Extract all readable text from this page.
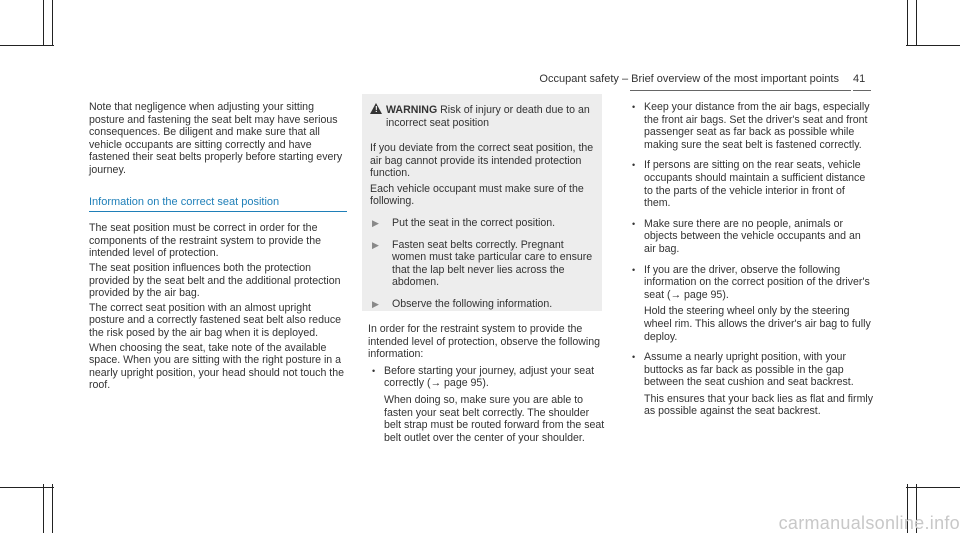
Occupant safety – Brief overview of the most important points 41

Note that negligence when adjusting your sitting posture and fastening the seat belt may have serious consequences. Be diligent and make sure that all vehicle occupants are sitting correctly and have fastened their seat belts properly before starting every journey.

Information on the correct seat position

The seat position must be correct in order for the components of the restraint system to provide the intended level of protection.

The seat position influences both the protection provided by the seat belt and the additional protection provided by the air bag.

The correct seat position with an almost upright posture and a correctly fastened seat belt also reduce the risk posed by the air bag when it is deployed.

When choosing the seat, take note of the available space. When you are sitting with the right posture in a nearly upright position, your head should not touch the roof.

! WARNING Risk of injury or death due to an incorrect seat position

If you deviate from the correct seat position, the air bag cannot provide its intended protection function.

Each vehicle occupant must make sure of the following.

▶	Put the seat in the correct position.
▶	Fasten seat belts correctly. Pregnant women must take particular care to ensure that the lap belt never lies across the abdomen.
▶	Observe the following information.

In order for the restraint system to provide the intended level of protection, observe the following information:

• Before starting your journey, adjust your seat correctly (→ page 95).

When doing so, make sure you are able to fasten your seat belt correctly. The shoulder belt strap must be routed forward from the seat belt outlet over the center of your shoulder.

• Keep your distance from the air bags, especially the front air bags. Set the driver's seat and front passenger seat as far back as possible while making sure the seat belt is fastened correctly.

• If persons are sitting on the rear seats, vehicle occupants should maintain a sufficient distance to the parts of the vehicle interior in front of them.

• Make sure there are no people, animals or objects between the vehicle occupants and an air bag.

• If you are the driver, observe the following information on the correct position of the driver's seat (→ page 95).

Hold the steering wheel only by the steering wheel rim. This allows the driver's air bag to fully deploy.

• Assume a nearly upright position, with your buttocks as far back as possible in the gap between the seat cushion and seat backrest.

This ensures that your back lies as flat and firmly as possible against the seat backrest.

carmanualsonline.info
